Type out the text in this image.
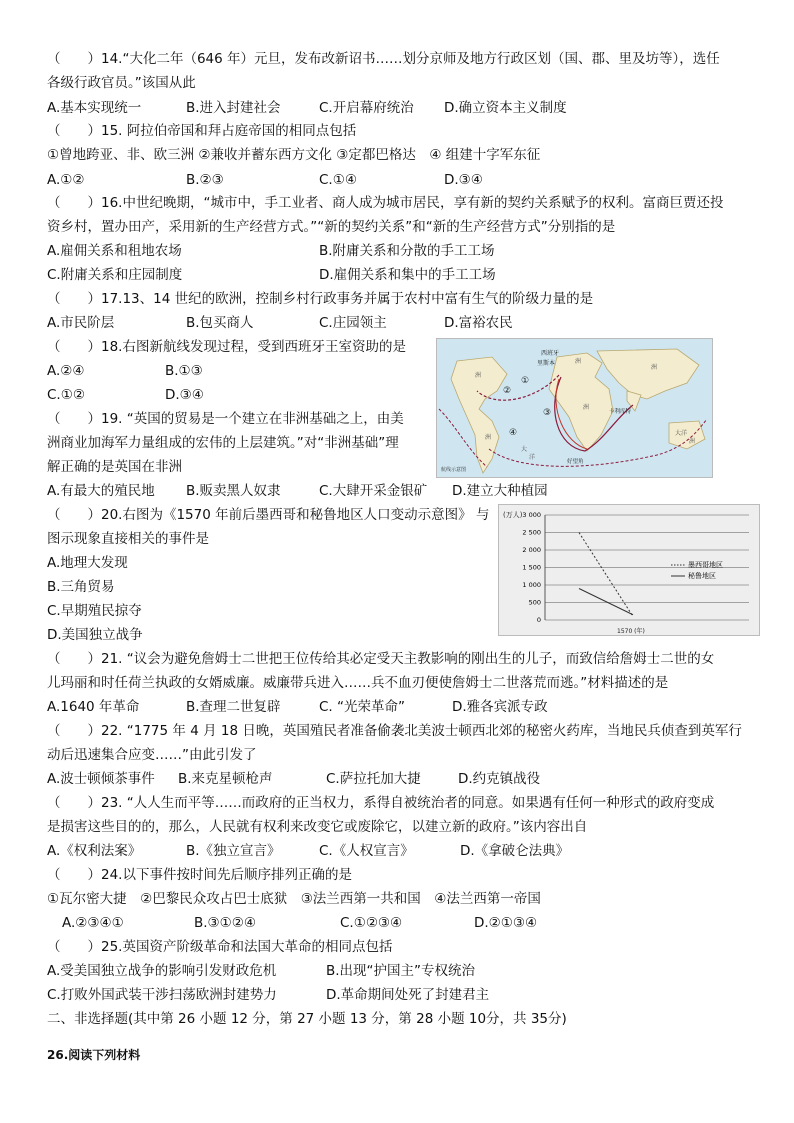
（　　）14.“大化二年（646 年）元旦，发布改新诏书……划分京师及地方行政区划（国、郡、里及坊等），选任
各级行政官员。”该国从此
A.基本实现统一	B.进入封建社会	C.开启幕府统治 D.确立资本主义制度
（　　）15. 阿拉伯帝国和拜占庭帝国的相同点包括
①曾地跨亚、非、欧三洲 ②兼收并蓄东西方文化 ③定都巴格达　④ 组建十字军东征
A.①②	B.②③	C.①④	D.③④
（　　）16.中世纪晚期，“城市中，手工业者、商人成为城市居民，享有新的契约关系赋予的权利。富商巨贾还投
资乡村，置办田产，采用新的生产经营方式。”“新的契约关系”和“新的生产经营方式”分别指的是
A.雇佣关系和租地农场	B.附庸关系和分散的手工工场
C.附庸关系和庄园制度	D.雇佣关系和集中的手工工场
（　　）17.13、14 世纪的欧洲，控制乡村行政事务并属于农村中富有生气的阶级力量的是
A.市民阶层	B.包买商人	C.庄园领主	D.富裕农民
（　　）18.右图新航线发现过程，受到西班牙王室资助的是
A.②④	B.①③
C.①②	D.③④
西班牙
里斯本
①
②
③
④
卡利库特
好望角
大
洋
洲
洲
洲
洲
洲
大洋
洲
航线示意图
（　　）19. “英国的贸易是一个建立在非洲基础之上，由美
洲商业加海军力量组成的宏伟的上层建筑。”对“非洲基础”理
解正确的是英国在非洲
A.有最大的殖民地 B.贩卖黑人奴隶	C.大肆开采金银矿 D.建立大种植园
（　　）20.右图为《1570 年前后墨西哥和秘鲁地区人口变动示意图》 与
图示现象直接相关的事件是
A.地理大发现
B.三角贸易
C.早期殖民掠夺
D.美国独立战争
(万人) 3 000
2 500
2 000
1 500
1 000
500
0
墨西哥地区
秘鲁地区
1570 (年)
（　　）21. “议会为避免詹姆士二世把王位传给其必定受天主教影响的刚出生的儿子，而致信给詹姆士二世的女
儿玛丽和时任荷兰执政的女婿威廉。威廉带兵进入……兵不血刃便使詹姆士二世落荒而逃。”材料描述的是
A.1640 年革命	B.查理二世复辟	C. “光荣革命”	D.雅各宾派专政
（　　）22. “1775 年 4 月 18 日晚，英国殖民者准备偷袭北美波士顿西北郊的秘密火药库，当地民兵侦查到英军行
动后迅速集合应变……”由此引发了
A.波士顿倾茶事件 B.来克星顿枪声	C.萨拉托加大捷	D.约克镇战役
（　　）23. “人人生而平等……而政府的正当权力，系得自被统治者的同意。如果遇有任何一种形式的政府变成
是损害这些目的的，那么，人民就有权利来改变它或废除它，以建立新的政府。”该内容出自
A.《权利法案》	B.《独立宣言》	C.《人权宣言》	D.《拿破仑法典》
（　　）24.以下事件按时间先后顺序排列正确的是
①瓦尔密大捷　②巴黎民众攻占巴士底狱　③法兰西第一共和国　④法兰西第一帝国
A.②③④①	B.③①②④	C.①②③④	D.②①③④
（　　）25.英国资产阶级革命和法国大革命的相同点包括
A.受美国独立战争的影响引发财政危机	B.出现“护国主”专权统治
C.打败外国武装干涉扫荡欧洲封建势力	D.革命期间处死了封建君主
二、非选择题(其中第 26 小题 12 分，第 27 小题 13 分，第 28 小题 10分，共 35分)
26.阅读下列材料
